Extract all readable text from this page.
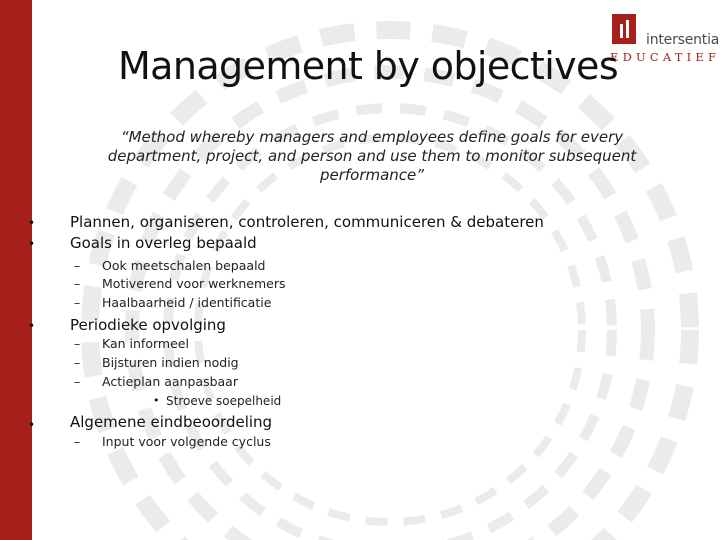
intersentia
EDUCATIEF
Management by objectives
“Method whereby managers and employees define goals for every department, project, and person and use them to monitor subsequent performance”
• Plannen, organiseren, controleren, communiceren & debateren
• Goals in overleg bepaald
– Ook meetschalen bepaald
– Motiverend voor werknemers
– Haalbaarheid / identificatie
• Periodieke opvolging
– Kan informeel
– Bijsturen indien nodig
– Actieplan aanpasbaar
• Stroeve soepelheid
• Algemene eindbeoordeling
– Input voor volgende cyclus
